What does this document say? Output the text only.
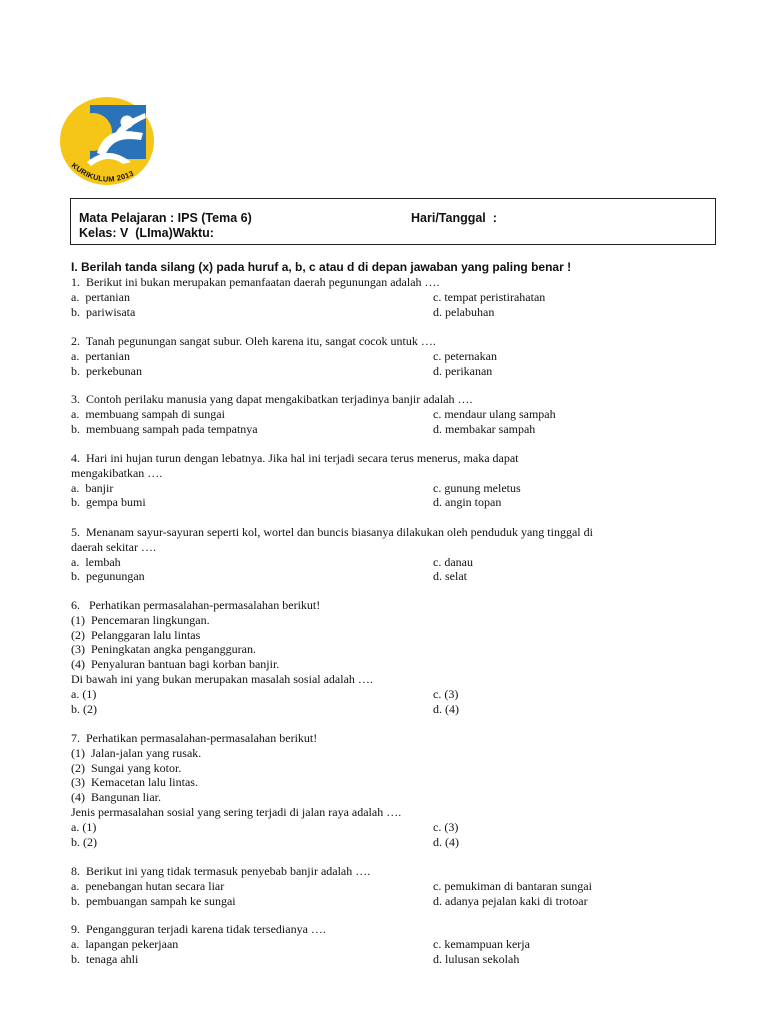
KURIKULUM 2013
Mata Pelajaran : IPS (Tema 6)	Hari/Tanggal  :
Kelas: V  (LIma)Waktu:
I. Berilah tanda silang (x) pada huruf a, b, c atau d di depan jawaban yang paling benar !
1.  Berikut ini bukan merupakan pemanfaatan daerah pegunungan adalah ….
a.  pertanian	c. tempat peristirahatan
b.  pariwisata	d. pelabuhan
2.  Tanah pegunungan sangat subur. Oleh karena itu, sangat cocok untuk ….
a.  pertanian	c. peternakan
b.  perkebunan	d. perikanan
3.  Contoh perilaku manusia yang dapat mengakibatkan terjadinya banjir adalah ….
a.  membuang sampah di sungai	c. mendaur ulang sampah
b.  membuang sampah pada tempatnya	d. membakar sampah
4.  Hari ini hujan turun dengan lebatnya. Jika hal ini terjadi secara terus menerus, maka dapat
mengakibatkan ….
a.  banjir	c. gunung meletus
b.  gempa bumi	d. angin topan
5.  Menanam sayur-sayuran seperti kol, wortel dan buncis biasanya dilakukan oleh penduduk yang tinggal di
daerah sekitar ….
a.  lembah	c. danau
b.  pegunungan	d. selat
6.   Perhatikan permasalahan-permasalahan berikut!
(1)  Pencemaran lingkungan.
(2)  Pelanggaran lalu lintas
(3)  Peningkatan angka pengangguran.
(4)  Penyaluran bantuan bagi korban banjir.
Di bawah ini yang bukan merupakan masalah sosial adalah ….
a. (1)	c. (3)
b. (2)	d. (4)
7.  Perhatikan permasalahan-permasalahan berikut!
(1)  Jalan-jalan yang rusak.
(2)  Sungai yang kotor.
(3)  Kemacetan lalu lintas.
(4)  Bangunan liar.
Jenis permasalahan sosial yang sering terjadi di jalan raya adalah ….
a. (1)	c. (3)
b. (2)	d. (4)
8.  Berikut ini yang tidak termasuk penyebab banjir adalah ….
a.  penebangan hutan secara liar	c. pemukiman di bantaran sungai
b.  pembuangan sampah ke sungai	d. adanya pejalan kaki di trotoar
9.  Pengangguran terjadi karena tidak tersedianya ….
a.  lapangan pekerjaan	c. kemampuan kerja
b.  tenaga ahli	d. lulusan sekolah
